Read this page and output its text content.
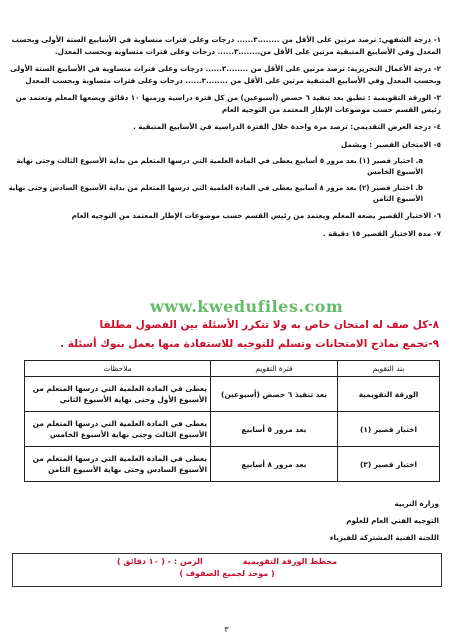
١- درجة الشفهي: ترصد مرتين على الأقل من ........٣...... درجات وعلى فترات متساوية في الأسابيع الستة الأولى وبحسب المعدل وفي الأسابيع المتبقية مرتين على الأقل من........٣...... درجات وعلى فترات متساوية وبحسب المعدل.
٢- درجة الأعمال التحريرية: ترصد مرتين على الأقل من ........٣...... درجات وعلى فترات متساوية في الأسابيع الستة الأولى وبحسب المعدل وفي الأسابيع المتبقية مرتين على الأقل من ........٣...... درجات وعلى فترات متساوية وبحسب المعدل
٣- الورقة التقويمية : تطبق بعد تنفيذ ٦ حصص (أسبوعين) من كل فترة دراسية وزمنها ١٠ دقائق ويضعها المعلم وتعتمد من رئيس القسم حسب موضوعات الإطار المعتمد من التوجيه العام
٤- درجة العرض التقديمي: ترصد مرة واحدة خلال الفترة الدراسية في الأسابيع المتبقية .
٥- الامتحان القصير : ويشمل
a. اختبار قصير (١) بعد مرور ٥ أسابيع يعطى في المادة العلمية التي درسها المتعلم من بداية الأسبوع الثالث وحتى نهاية الأسبوع الخامس
b. اختبار قصير (٢) بعد مرور ٨ أسابيع يعطى في المادة العلمية التي درسها المتعلم من بداية الأسبوع السادس وحتى نهاية الأسبوع الثامن
٦- الاختبار القصير يضعه المعلم ويعتمد من رئيس القسم حسب موضوعات الإطار المعتمد من التوجيه العام
٧- مدة الاختبار القصير ١٥ دقيقة .
www.kwedufiles.com
٨-كل صف له امتحان خاص به ولا تتكرر الأسئلة بين الفصول مطلقا
٩-تجمع نماذج الامتحانات وتسلم للتوجيه للاستفادة منها بعمل بنوك أسئلة .
بند التقويم	فترة التقويم	ملاحظات
الورقة التقويمية	بعد تنفيذ ٦ حصص (أسبوعين)	يعطى في المادة العلمية التي درسها المتعلم من الأسبوع الأول وحتى نهاية الأسبوع الثاني
اختبار قصير (١)	بعد مرور ٥ أسابيع	يعطى في المادة العلمية التي درسها المتعلم من الأسبوع الثالث وحتى نهاية الأسبوع الخامس
اختبار قصير (٢)	بعد مرور ٨ أسابيع	يعطى في المادة العلمية التي درسها المتعلم من الأسبوع السادس وحتى نهاية الأسبوع الثامن
وزارة التربية
التوجيه الفني العام للعلوم
اللجنة الفنية المشتركة للفيزياء
مخطط الورقة التقويمية
الزمن : - ( ١٠ دقائق )
( موحد لجميع الصفوف )
٣
